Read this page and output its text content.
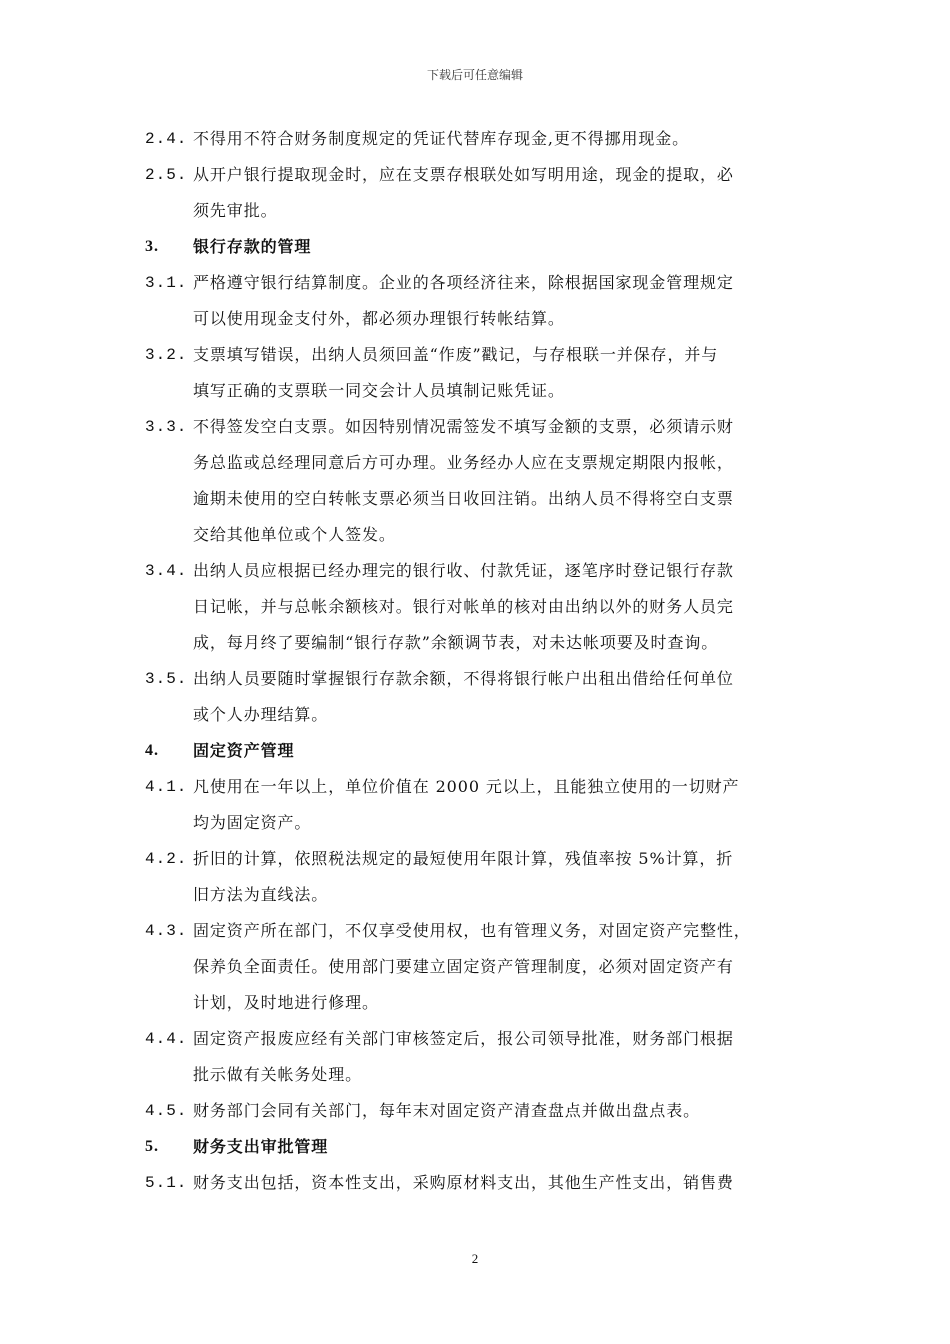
下载后可任意编辑
2.4. 不得用不符合财务制度规定的凭证代替库存现金,更不得挪用现金。
2.5. 从开户银行提取现金时，应在支票存根联处如写明用途，现金的提取，必
须先审批。
3. 银行存款的管理
3.1. 严格遵守银行结算制度。企业的各项经济往来，除根据国家现金管理规定
可以使用现金支付外，都必须办理银行转帐结算。
3.2. 支票填写错误，出纳人员须回盖“作废”戳记，与存根联一并保存，并与
填写正确的支票联一同交会计人员填制记账凭证。
3.3. 不得签发空白支票。如因特别情况需签发不填写金额的支票，必须请示财
务总监或总经理同意后方可办理。业务经办人应在支票规定期限内报帐，
逾期未使用的空白转帐支票必须当日收回注销。出纳人员不得将空白支票
交给其他单位或个人签发。
3.4. 出纳人员应根据已经办理完的银行收、付款凭证，逐笔序时登记银行存款
日记帐，并与总帐余额核对。银行对帐单的核对由出纳以外的财务人员完
成，每月终了要编制“银行存款”余额调节表，对未达帐项要及时查询。
3.5. 出纳人员要随时掌握银行存款余额，不得将银行帐户出租出借给任何单位
或个人办理结算。
4. 固定资产管理
4.1. 凡使用在一年以上，单位价值在 2000 元以上，且能独立使用的一切财产
均为固定资产。
4.2. 折旧的计算，依照税法规定的最短使用年限计算，残值率按 5%计算，折
旧方法为直线法。
4.3. 固定资产所在部门，不仅享受使用权，也有管理义务，对固定资产完整性，
保养负全面责任。使用部门要建立固定资产管理制度，必须对固定资产有
计划，及时地进行修理。
4.4. 固定资产报废应经有关部门审核签定后，报公司领导批准，财务部门根据
批示做有关帐务处理。
4.5. 财务部门会同有关部门，每年末对固定资产清查盘点并做出盘点表。
5. 财务支出审批管理
5.1. 财务支出包括，资本性支出，采购原材料支出，其他生产性支出，销售费
2
